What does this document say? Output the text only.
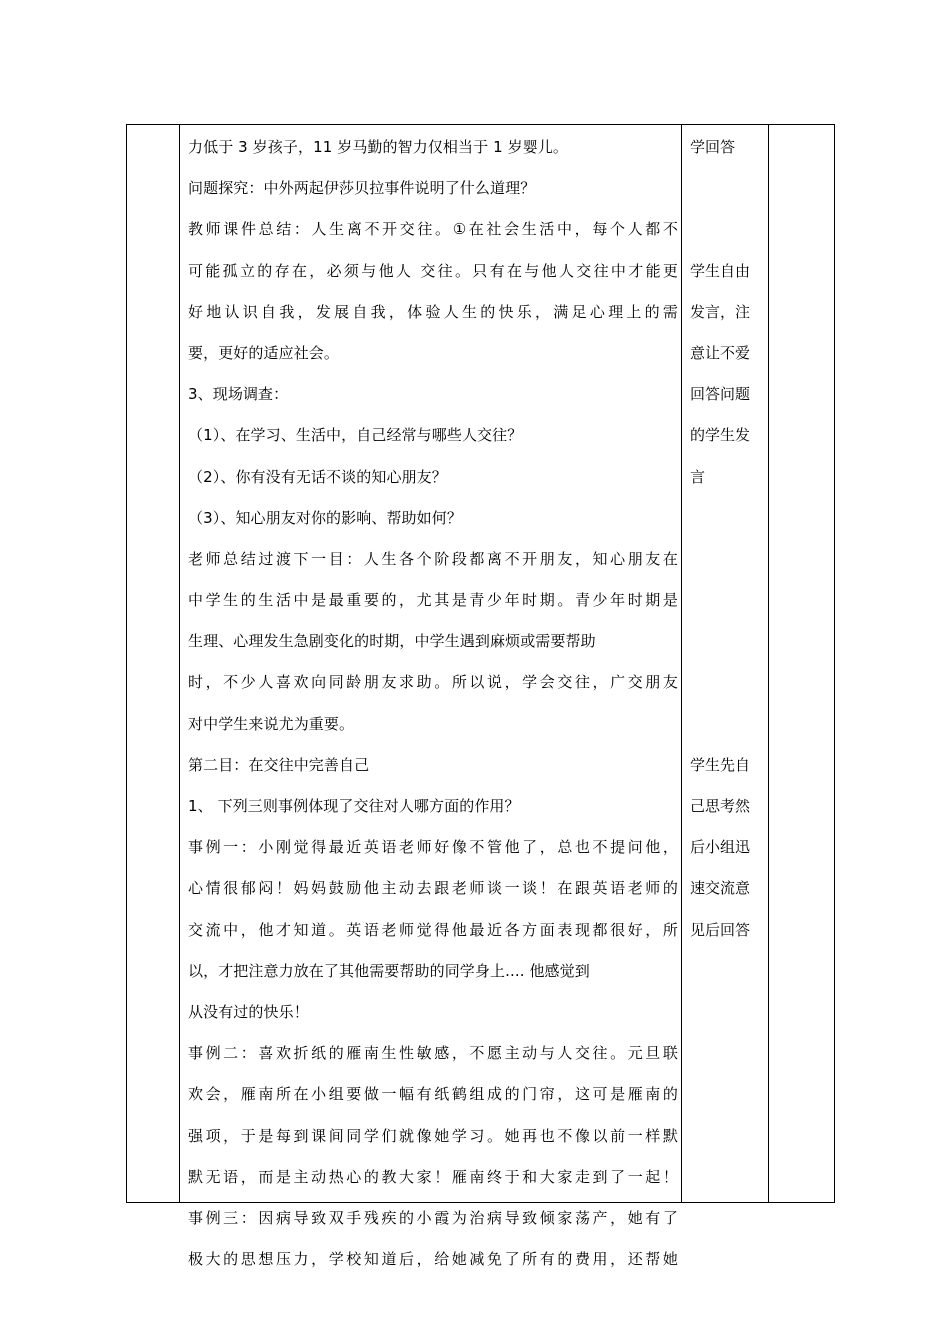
力低于 3 岁孩子，11 岁马勤的智力仅相当于 1 岁婴儿。
问题探究：中外两起伊莎贝拉事件说明了什么道理？
教师课件总结：人生离不开交往。①在社会生活中，每个人都不
可能孤立的存在，必须与他人 交往。只有在与他人交往中才能更
好地认识自我，发展自我，体验人生的快乐，满足心理上的需
要，更好的适应社会。
3、现场调查：
（1）、在学习、生活中，自己经常与哪些人交往？
（2）、你有没有无话不谈的知心朋友？
（3）、知心朋友对你的影响、帮助如何？
老师总结过渡下一目：人生各个阶段都离不开朋友，知心朋友在
中学生的生活中是最重要的，尤其是青少年时期。青少年时期是
生理、心理发生急剧变化的时期，中学生遇到麻烦或需要帮助
时，不少人喜欢向同龄朋友求助。所以说，学会交往，广交朋友
对中学生来说尤为重要。
第二目：在交往中完善自己
1、 下列三则事例体现了交往对人哪方面的作用？
事例一：小刚觉得最近英语老师好像不管他了，总也不提问他，
心情很郁闷！妈妈鼓励他主动去跟老师谈一谈！在跟英语老师的
交流中，他才知道。英语老师觉得他最近各方面表现都很好，所
以，才把注意力放在了其他需要帮助的同学身上.... 他感觉到
从没有过的快乐！
事例二：喜欢折纸的雁南生性敏感，不愿主动与人交往。元旦联
欢会，雁南所在小组要做一幅有纸鹤组成的门帘，这可是雁南的
强项，于是每到课间同学们就像她学习。她再也不像以前一样默
默无语，而是主动热心的教大家！雁南终于和大家走到了一起！
事例三：因病导致双手残疾的小霞为治病导致倾家荡产，她有了
极大的思想压力，学校知道后，给她减免了所有的费用，还帮她
学回答
学生自由
发言，注
意让不爱
回答问题
的学生发
言
学生先自
己思考然
后小组迅
速交流意
见后回答
